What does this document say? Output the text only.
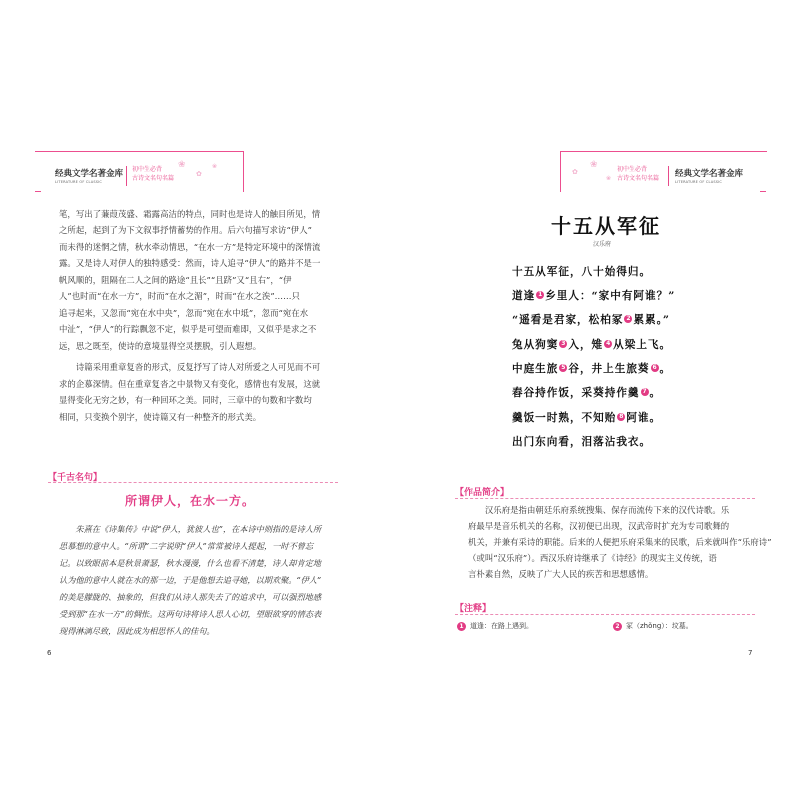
经典文学名著金库
LITERATURE OF CLASSIC
初中生必背
古诗文名句名篇
❀
✿
❀
笔，写出了蒹葭茂盛、霜露高洁的特点，同时也是诗人的触目所见，情
之所起，起到了为下文叙事抒情蓄势的作用。后六句描写求访“伊人”
而未得的迷惘之情，秋水牵动情思，“在水一方”是特定环境中的深情流
露。又是诗人对伊人的独特感受：然而，诗人追寻“伊人”的路并不是一
帆风顺的，阻隔在二人之间的路途“且长”“且跻”又“且右”，“伊
人”也时而“在水一方”，时而“在水之湄”，时而“在水之涘”……只
追寻起来，又忽而“宛在水中央”，忽而“宛在水中坻”，忽而“宛在水
中沚”，“伊人”的行踪飘忽不定，似乎是可望而难即，又似乎是求之不
远，思之既至，使诗的意境显得空灵摆脱，引人遐想。
　　诗篇采用重章复沓的形式，反复抒写了诗人对所爱之人可见而不可
求的企慕深情。但在重章复沓之中景物又有变化，感情也有发展，这就
显得变化无穷之妙，有一种回环之美。同时，三章中的句数和字数均
相同，只变换个别字，使诗篇又有一种整齐的形式美。
【千古名句】
所谓伊人，在水一方。
　　朱熹在《诗集传》中说“伊人，犹彼人也”，在本诗中则指的是诗人所
思慕想的意中人。“所谓”二字说明“伊人”常常被诗人提起，一时不曾忘
记。以致眼前本是秋景萧瑟，秋水漫漫，什么也看不清楚，诗人却肯定地
认为他的意中人就在水的那一边，于是他想去追寻她，以期欢聚。“伊人”
的美是朦胧的、抽象的，但我们从诗人那失去了的追求中，可以强烈地感
受到那“在水一方”的惆怅。这两句诗将诗人思人心切，望眼欲穿的情态表
现得淋漓尽致，因此成为相思怀人的佳句。
6
✿
❀
❀
初中生必背
古诗文名句名篇 经典文学名著金库
LITERATURE OF CLASSIC
十五从军征
汉乐府
十五从军征，八十始得归。
道逢 1 乡里人：“家中有阿谁？”
“遥看是君家，松柏冢 2 累累。”
兔从狗窦 3 入，雉 4 从梁上飞。
中庭生旅 5 谷，井上生旅葵 6 。
舂谷持作饭，采葵持作羹 7 。
羹饭一时熟，不知贻 8 阿谁。
出门东向看，泪落沾我衣。
【作品简介】
　　汉乐府是指由朝廷乐府系统搜集、保存而流传下来的汉代诗歌。乐
府最早是音乐机关的名称，汉初便已出现，汉武帝时扩充为专司歌舞的
机关，并兼有采诗的职能。后来的人便把乐府采集来的民歌，后来就叫作“乐府诗”
（或叫“汉乐府”）。西汉乐府诗继承了《诗经》的现实主义传统，语
言朴素自然，反映了广大人民的疾苦和思想感情。
【注释】
1 道逢：在路上遇到。	2 冢（zhǒng）：坟墓。
7
